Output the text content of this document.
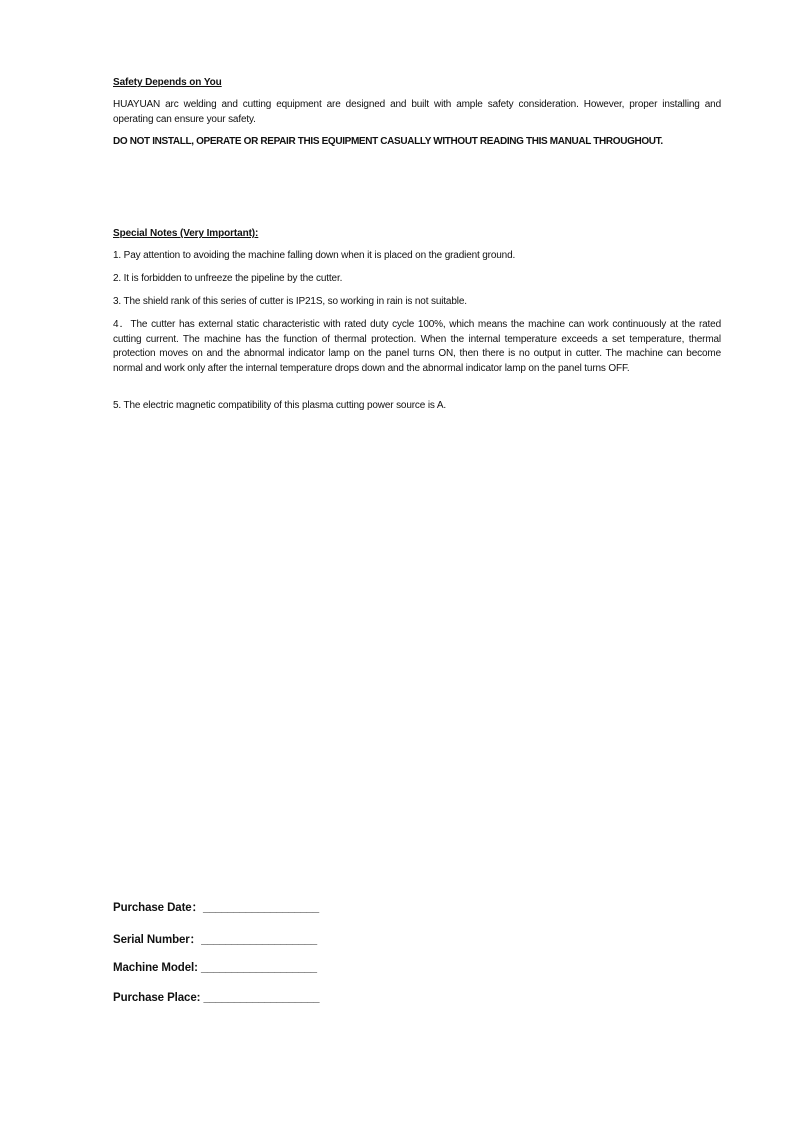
Safety Depends on You
HUAYUAN arc welding and cutting equipment are designed and built with ample safety consideration. However, proper installing and operating can ensure your safety.
DO NOT INSTALL, OPERATE OR REPAIR THIS EQUIPMENT CASUALLY WITHOUT READING THIS MANUAL THROUGHOUT.
Special Notes (Very Important):
1. Pay attention to avoiding the machine falling down when it is placed on the gradient ground.
2. It is forbidden to unfreeze the pipeline by the cutter.
3. The shield rank of this series of cutter is IP21S, so working in rain is not suitable.
4．The cutter has external static characteristic with rated duty cycle 100%, which means the machine can work continuously at the rated cutting current. The machine has the function of thermal protection. When the internal temperature exceeds a set temperature, thermal protection moves on and the abnormal indicator lamp on the panel turns ON, then there is no output in cutter. The machine can become normal and work only after the internal temperature drops down and the abnormal indicator lamp on the panel turns OFF.
5. The electric magnetic compatibility of this plasma cutting power source is A.
Purchase Date：___________________
Serial Number：___________________
Machine Model: ___________________
Purchase Place: ___________________
